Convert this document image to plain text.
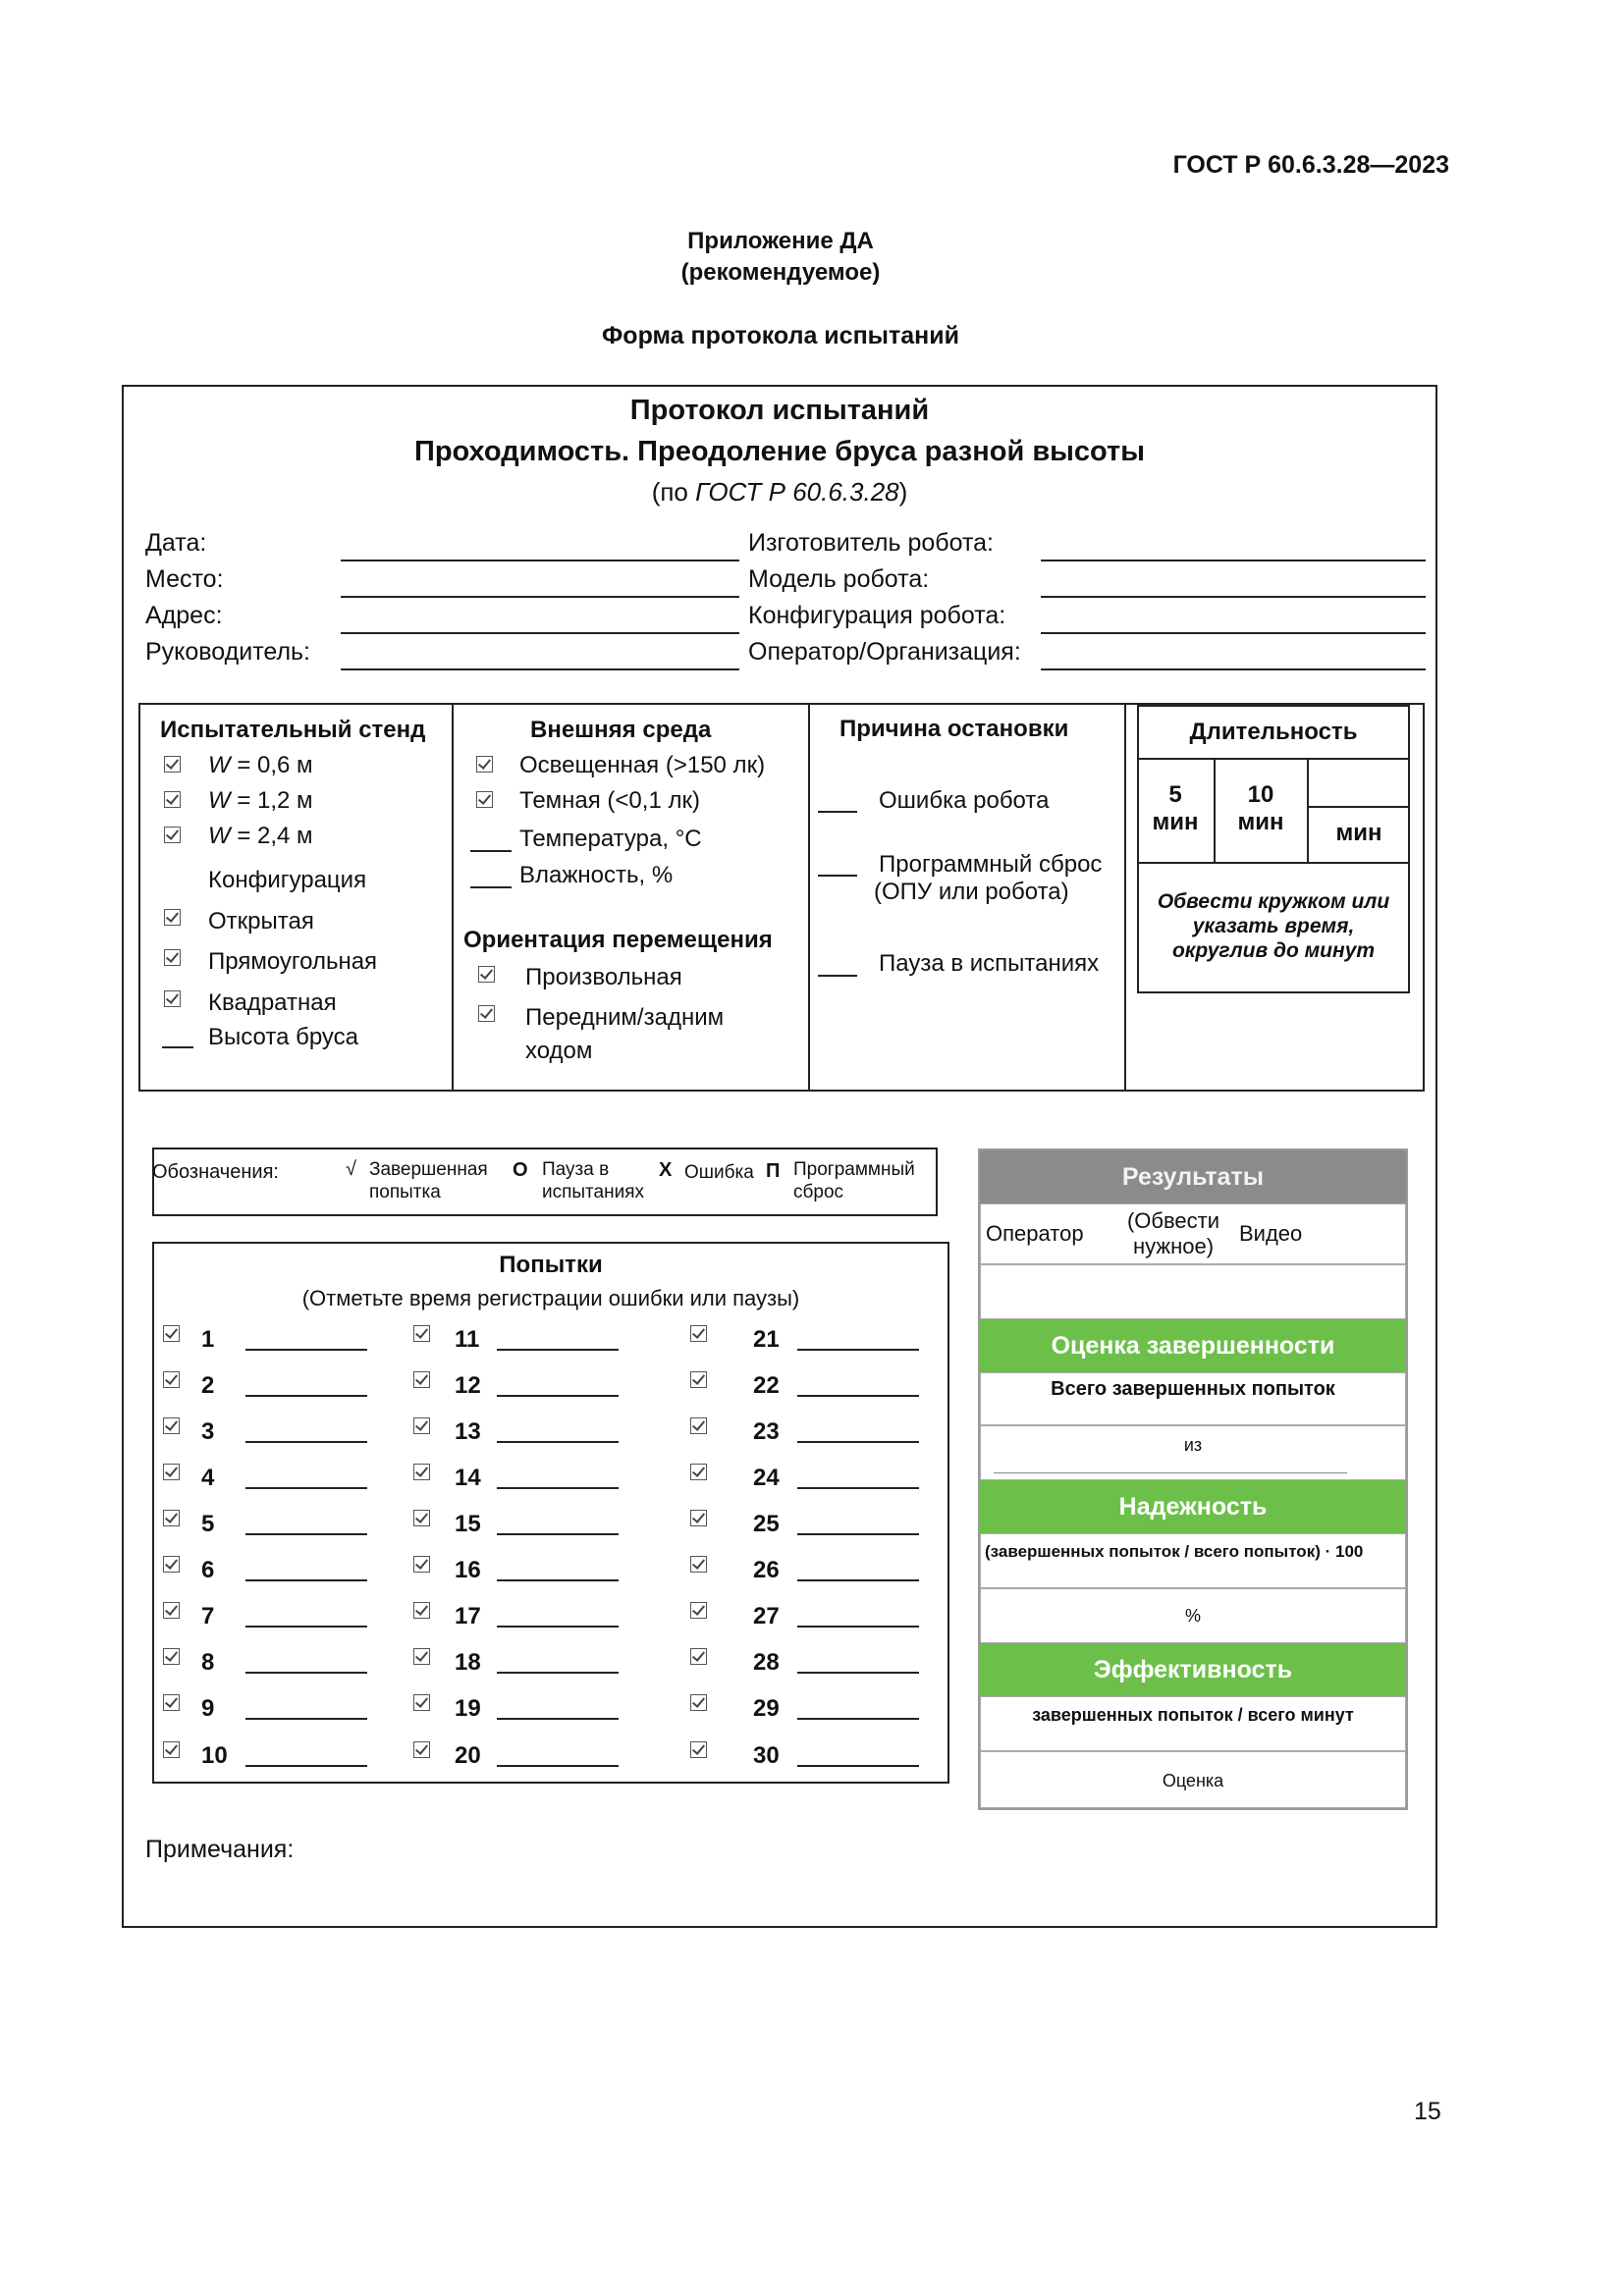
ГОСТ Р 60.6.3.28—2023
Приложение ДА
(рекомендуемое)
Форма протокола испытаний
Протокол испытаний
Проходимость. Преодоление бруса разной высоты
(по ГОСТ Р 60.6.3.28)
Дата:
Место:
Адрес:
Руководитель:
Изготовитель робота:
Модель робота:
Конфигурация робота:
Оператор/Организация:
Испытательный стенд
W = 0,6 м
W = 1,2 м
W = 2,4 м
Конфигурация
Открытая
Прямоугольная
Квадратная
Высота бруса
Внешняя среда
Освещенная (>150 лк)
Темная (<0,1 лк)
Температура, °С
Влажность, %
Ориентация перемещения
Произвольная
Передним/задним
ходом
Причина остановки
Ошибка робота
Программный сброс
(ОПУ или робота)
Пауза в испытаниях
Длительность
5
мин
10
мин	мин
Обвести кружком или указать время, округлив до минут
Обозначения:	√ Завершенная
попытка
О Пауза в
испытаниях
Х Ошибка П Программный
сброс
Попытки
(Отметьте время регистрации ошибки или паузы)
1
2
3
4
5
6
7
8
9
10
11
12
13
14
15
16
17
18
19
20
21
22
23
24
25
26
27
28
29
30
Результаты
Оператор
(Обвести
нужное)
Видео
Оценка завершенности
Всего завершенных попыток
из
Надежность
(завершенных попыток / всего попыток) · 100
%
Эффективность
завершенных попыток / всего минут
Оценка
Примечания:
15
